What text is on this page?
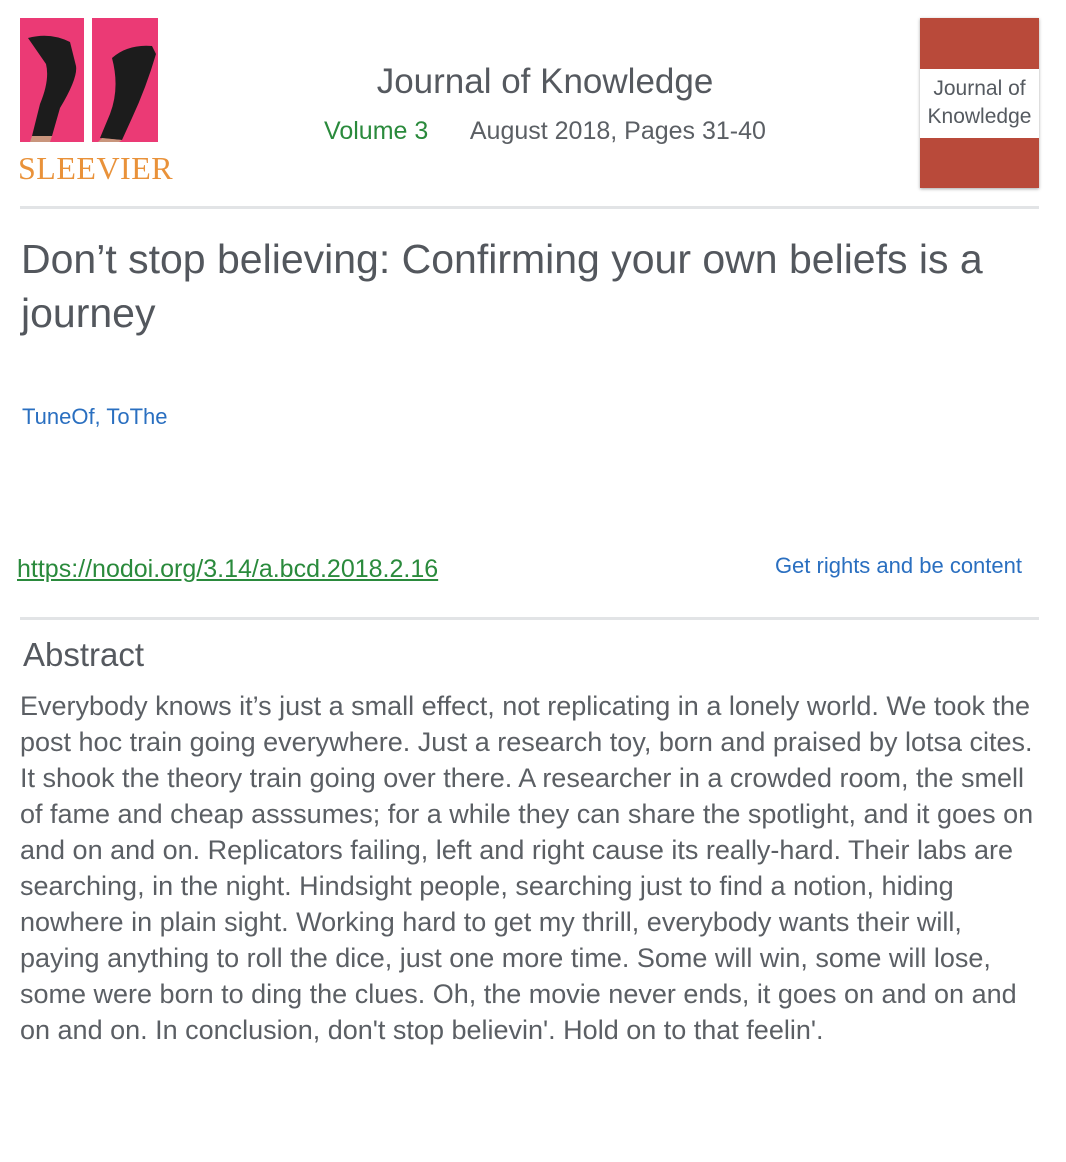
SLEEVIER
Journal of Knowledge
Volume 3 August 2018, Pages 31-40
Journal of
Knowledge
Don’t stop believing: Confirming your own beliefs is a journey
TuneOf, ToThe
https://nodoi.org/3.14/a.bcd.2018.2.16	Get rights and be content
Abstract

Everybody knows it’s just a small effect, not replicating in a lonely world. We took the post hoc train going everywhere. Just a research toy, born and praised by lotsa cites. It shook the theory train going over there. A researcher in a crowded room, the smell of fame and cheap asssumes; for a while they can share the spotlight, and it goes on and on and on. Replicators failing, left and right cause its really-hard. Their labs are searching, in the night. Hindsight people, searching just to find a notion, hiding nowhere in plain sight. Working hard to get my thrill, everybody wants their will, paying anything to roll the dice, just one more time. Some will win, some will lose, some were born to ding the clues. Oh, the movie never ends, it goes on and on and on and on. In conclusion, don't stop believin'. Hold on to that feelin'.
